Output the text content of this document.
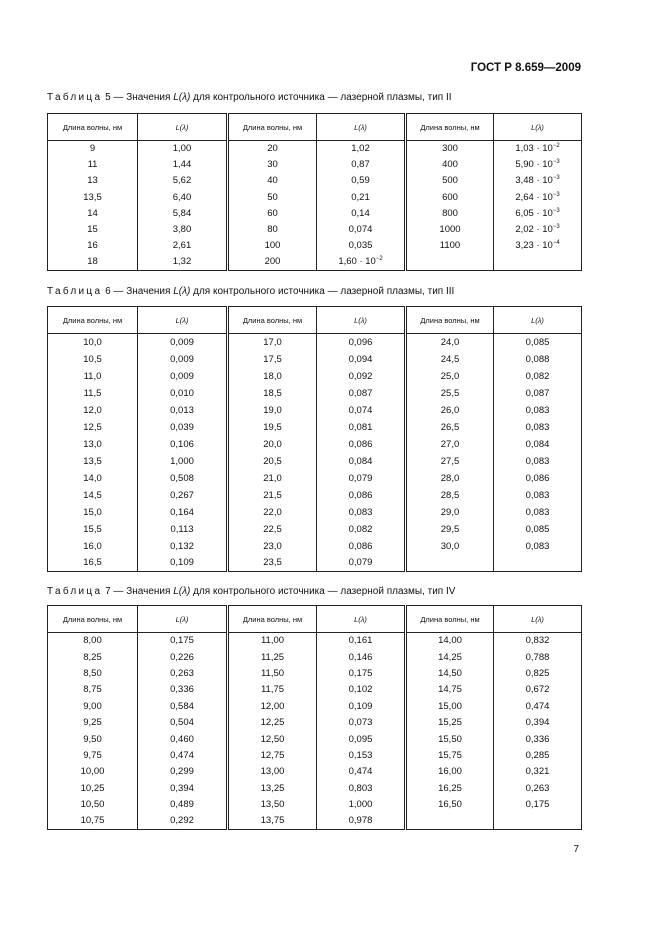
ГОСТ Р 8.659—2009
Таблица 5 — Значения L(λ) для контрольного источника — лазерной плазмы, тип II
Длина волны, нм	L(λ)	Длина волны, нм	L(λ)	Длина волны, нм	L(λ)
9	1,00	20	1,02	300	$1,03 \cdot 10^{-2}$
11	1,44	30	0,87	400	$5,90 \cdot 10^{-3}$
13	5,62	40	0,59	500	$3,48 \cdot 10^{-3}$
13,5	6,40	50	0,21	600	$2,64 \cdot 10^{-3}$
14	5,84	60	0,14	800	$6,05 \cdot 10^{-3}$
15	3,80	80	0,074	1000	$2,02 \cdot 10^{-3}$
16	2,61	100	0,035	1100	$3,23 \cdot 10^{-4}$
18	1,32	200	$1,60 \cdot 10^{-2}$		
Таблица 6 — Значения L(λ) для контрольного источника — лазерной плазмы, тип III
Длина волны, нм	L(λ)	Длина волны, нм	L(λ)	Длина волны, нм	L(λ)
10,0	0,009	17,0	0,096	24,0	0,085
10,5	0,009	17,5	0,094	24,5	0,088
11,0	0,009	18,0	0,092	25,0	0,082
11,5	0,010	18,5	0,087	25,5	0,087
12,0	0,013	19,0	0,074	26,0	0,083
12,5	0,039	19,5	0,081	26,5	0,083
13,0	0,106	20,0	0,086	27,0	0,084
13,5	1,000	20,5	0,084	27,5	0,083
14,0	0,508	21,0	0,079	28,0	0,086
14,5	0,267	21,5	0,086	28,5	0,083
15,0	0,164	22,0	0,083	29,0	0,083
15,5	0,113	22,5	0,082	29,5	0,085
16,0	0,132	23,0	0,086	30,0	0,083
16,5	0,109	23,5	0,079		
Таблица 7 — Значения L(λ) для контрольного источника — лазерной плазмы, тип IV
Длина волны, нм	L(λ)	Длина волны, нм	L(λ)	Длина волны, нм	L(λ)
8,00	0,175	11,00	0,161	14,00	0,832
8,25	0,226	11,25	0,146	14,25	0,788
8,50	0,263	11,50	0,175	14,50	0,825
8,75	0,336	11,75	0,102	14,75	0,672
9,00	0,584	12,00	0,109	15,00	0,474
9,25	0,504	12,25	0,073	15,25	0,394
9,50	0,460	12,50	0,095	15,50	0,336
9,75	0,474	12,75	0,153	15,75	0,285
10,00	0,299	13,00	0,474	16,00	0,321
10,25	0,394	13,25	0,803	16,25	0,263
10,50	0,489	13,50	1,000	16,50	0,175
10,75	0,292	13,75	0,978		
7
